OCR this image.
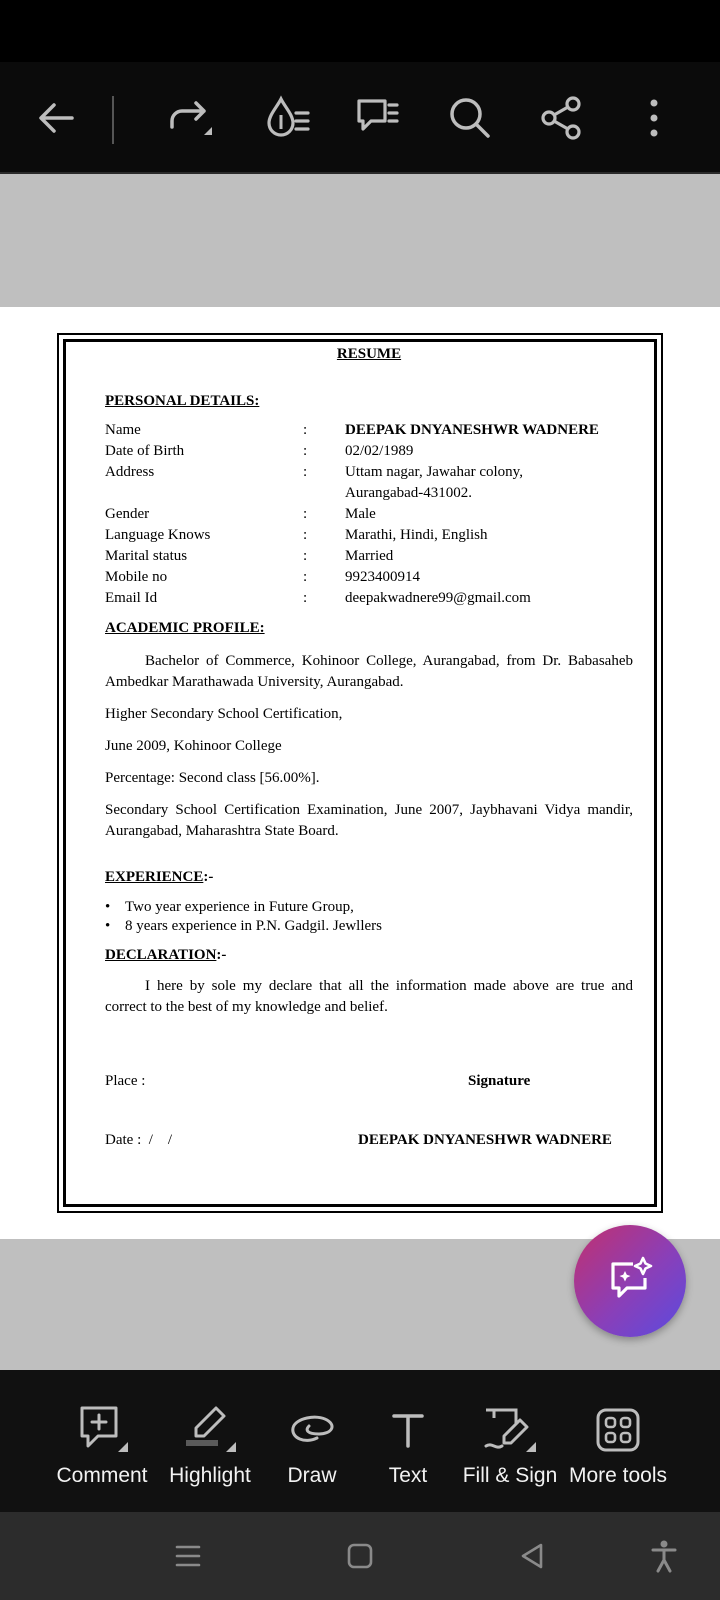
RESUME
PERSONAL DETAILS:
Name	:	DEEPAK DNYANESHWR WADNERE
Date of Birth	:	02/02/1989
Address	:	Uttam nagar, Jawahar colony,
Aurangabad-431002.
Gender	:	Male
Language Knows	:	Marathi, Hindi, English
Marital status	:	Married
Mobile no	:	9923400914
Email Id	:	deepakwadnere99@gmail.com
ACADEMIC PROFILE:
Bachelor of Commerce, Kohinoor College, Aurangabad, from Dr. Babasaheb Ambedkar Marathawada University, Aurangabad.
Higher Secondary School Certification,
June 2009, Kohinoor College
Percentage: Second class [56.00%].
Secondary School Certification Examination, June 2007, Jaybhavani Vidya mandir, Aurangabad, Maharashtra State Board.
EXPERIENCE:-
• Two year experience in Future Group,
• 8 years experience in P.N. Gadgil. Jewllers
DECLARATION:-
I here by sole my declare that all the information made above are true and correct to the best of my knowledge and belief.
Place :	Signature
Date :  /    /	DEEPAK DNYANESHWR WADNERE
Comment Highlight Draw Text Fill & Sign More tools
